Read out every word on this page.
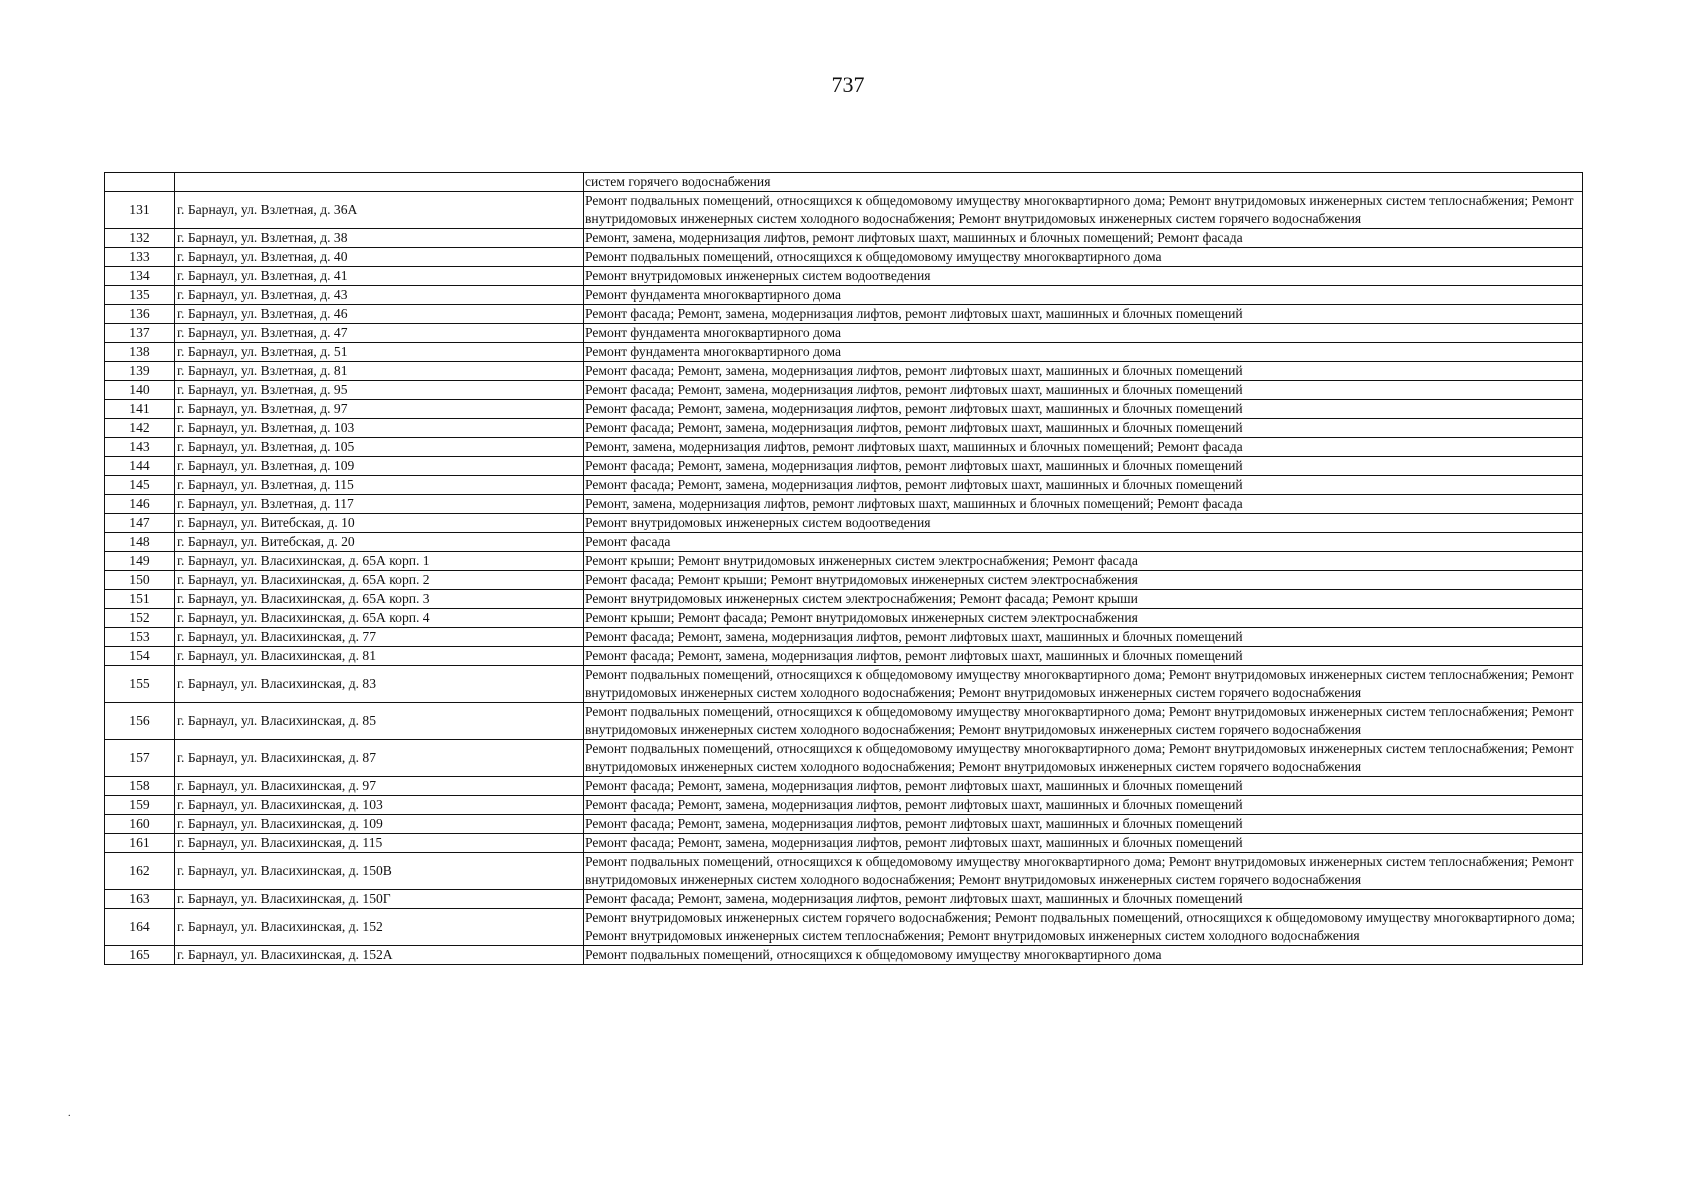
737
		систем горячего водоснабжения
131	г. Барнаул, ул. Взлетная, д. 36А	Ремонт подвальных помещений, относящихся к общедомовому имуществу многоквартирного дома; Ремонт внутридомовых инженерных систем теплоснабжения; Ремонт внутридомовых инженерных систем холодного водоснабжения; Ремонт внутридомовых инженерных систем горячего водоснабжения
132	г. Барнаул, ул. Взлетная, д. 38	Ремонт, замена, модернизация лифтов, ремонт лифтовых шахт, машинных и блочных помещений; Ремонт фасада
133	г. Барнаул, ул. Взлетная, д. 40	Ремонт подвальных помещений, относящихся к общедомовому имуществу многоквартирного дома
134	г. Барнаул, ул. Взлетная, д. 41	Ремонт внутридомовых инженерных систем водоотведения
135	г. Барнаул, ул. Взлетная, д. 43	Ремонт фундамента многоквартирного дома
136	г. Барнаул, ул. Взлетная, д. 46	Ремонт фасада; Ремонт, замена, модернизация лифтов, ремонт лифтовых шахт, машинных и блочных помещений
137	г. Барнаул, ул. Взлетная, д. 47	Ремонт фундамента многоквартирного дома
138	г. Барнаул, ул. Взлетная, д. 51	Ремонт фундамента многоквартирного дома
139	г. Барнаул, ул. Взлетная, д. 81	Ремонт фасада; Ремонт, замена, модернизация лифтов, ремонт лифтовых шахт, машинных и блочных помещений
140	г. Барнаул, ул. Взлетная, д. 95	Ремонт фасада; Ремонт, замена, модернизация лифтов, ремонт лифтовых шахт, машинных и блочных помещений
141	г. Барнаул, ул. Взлетная, д. 97	Ремонт фасада; Ремонт, замена, модернизация лифтов, ремонт лифтовых шахт, машинных и блочных помещений
142	г. Барнаул, ул. Взлетная, д. 103	Ремонт фасада; Ремонт, замена, модернизация лифтов, ремонт лифтовых шахт, машинных и блочных помещений
143	г. Барнаул, ул. Взлетная, д. 105	Ремонт, замена, модернизация лифтов, ремонт лифтовых шахт, машинных и блочных помещений; Ремонт фасада
144	г. Барнаул, ул. Взлетная, д. 109	Ремонт фасада; Ремонт, замена, модернизация лифтов, ремонт лифтовых шахт, машинных и блочных помещений
145	г. Барнаул, ул. Взлетная, д. 115	Ремонт фасада; Ремонт, замена, модернизация лифтов, ремонт лифтовых шахт, машинных и блочных помещений
146	г. Барнаул, ул. Взлетная, д. 117	Ремонт, замена, модернизация лифтов, ремонт лифтовых шахт, машинных и блочных помещений; Ремонт фасада
147	г. Барнаул, ул. Витебская, д. 10	Ремонт внутридомовых инженерных систем водоотведения
148	г. Барнаул, ул. Витебская, д. 20	Ремонт фасада
149	г. Барнаул, ул. Власихинская, д. 65А корп. 1	Ремонт крыши; Ремонт внутридомовых инженерных систем электроснабжения; Ремонт фасада
150	г. Барнаул, ул. Власихинская, д. 65А корп. 2	Ремонт фасада; Ремонт крыши; Ремонт внутридомовых инженерных систем электроснабжения
151	г. Барнаул, ул. Власихинская, д. 65А корп. 3	Ремонт внутридомовых инженерных систем электроснабжения; Ремонт фасада; Ремонт крыши
152	г. Барнаул, ул. Власихинская, д. 65А корп. 4	Ремонт крыши; Ремонт фасада; Ремонт внутридомовых инженерных систем электроснабжения
153	г. Барнаул, ул. Власихинская, д. 77	Ремонт фасада; Ремонт, замена, модернизация лифтов, ремонт лифтовых шахт, машинных и блочных помещений
154	г. Барнаул, ул. Власихинская, д. 81	Ремонт фасада; Ремонт, замена, модернизация лифтов, ремонт лифтовых шахт, машинных и блочных помещений
155	г. Барнаул, ул. Власихинская, д. 83	Ремонт подвальных помещений, относящихся к общедомовому имуществу многоквартирного дома; Ремонт внутридомовых инженерных систем теплоснабжения; Ремонт внутридомовых инженерных систем холодного водоснабжения; Ремонт внутридомовых инженерных систем горячего водоснабжения
156	г. Барнаул, ул. Власихинская, д. 85	Ремонт подвальных помещений, относящихся к общедомовому имуществу многоквартирного дома; Ремонт внутридомовых инженерных систем теплоснабжения; Ремонт внутридомовых инженерных систем холодного водоснабжения; Ремонт внутридомовых инженерных систем горячего водоснабжения
157	г. Барнаул, ул. Власихинская, д. 87	Ремонт подвальных помещений, относящихся к общедомовому имуществу многоквартирного дома; Ремонт внутридомовых инженерных систем теплоснабжения; Ремонт внутридомовых инженерных систем холодного водоснабжения; Ремонт внутридомовых инженерных систем горячего водоснабжения
158	г. Барнаул, ул. Власихинская, д. 97	Ремонт фасада; Ремонт, замена, модернизация лифтов, ремонт лифтовых шахт, машинных и блочных помещений
159	г. Барнаул, ул. Власихинская, д. 103	Ремонт фасада; Ремонт, замена, модернизация лифтов, ремонт лифтовых шахт, машинных и блочных помещений
160	г. Барнаул, ул. Власихинская, д. 109	Ремонт фасада; Ремонт, замена, модернизация лифтов, ремонт лифтовых шахт, машинных и блочных помещений
161	г. Барнаул, ул. Власихинская, д. 115	Ремонт фасада; Ремонт, замена, модернизация лифтов, ремонт лифтовых шахт, машинных и блочных помещений
162	г. Барнаул, ул. Власихинская, д. 150В	Ремонт подвальных помещений, относящихся к общедомовому имуществу многоквартирного дома; Ремонт внутридомовых инженерных систем теплоснабжения; Ремонт внутридомовых инженерных систем холодного водоснабжения; Ремонт внутридомовых инженерных систем горячего водоснабжения
163	г. Барнаул, ул. Власихинская, д. 150Г	Ремонт фасада; Ремонт, замена, модернизация лифтов, ремонт лифтовых шахт, машинных и блочных помещений
164	г. Барнаул, ул. Власихинская, д. 152	Ремонт внутридомовых инженерных систем горячего водоснабжения; Ремонт подвальных помещений, относящихся к общедомовому имуществу многоквартирного дома; Ремонт внутридомовых инженерных систем теплоснабжения; Ремонт внутридомовых инженерных систем холодного водоснабжения
165	г. Барнаул, ул. Власихинская, д. 152А	Ремонт подвальных помещений, относящихся к общедомовому имуществу многоквартирного дома
.
